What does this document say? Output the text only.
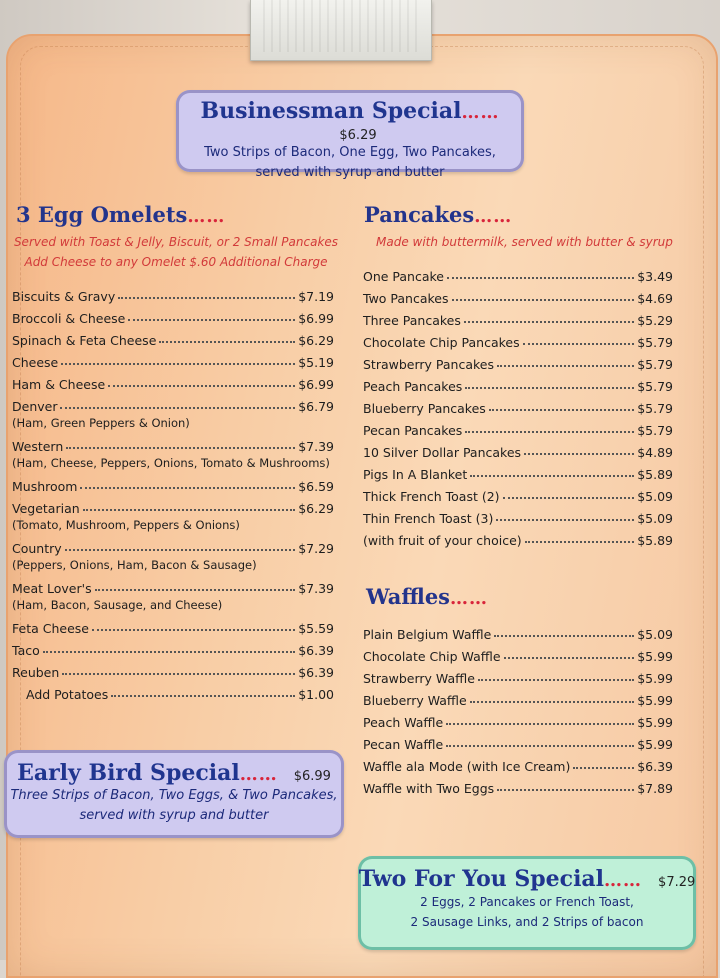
Businessman Special……$6.29
Two Strips of Bacon, One Egg, Two Pancakes,
served with syrup and butter
3 Egg Omelets……
Served with Toast & Jelly, Biscuit, or 2 Small Pancakes
Add Cheese to any Omelet $.60 Additional Charge
Biscuits & Gravy	$7.19
Broccoli & Cheese	$6.99
Spinach & Feta Cheese	$6.29
Cheese	$5.19
Ham & Cheese	$6.99
Denver	$6.79
(Ham, Green Peppers & Onion)
Western	$7.39
(Ham, Cheese, Peppers, Onions, Tomato & Mushrooms)
Mushroom	$6.59
Vegetarian	$6.29
(Tomato, Mushroom, Peppers & Onions)
Country	$7.29
(Peppers, Onions, Ham, Bacon & Sausage)
Meat Lover's	$7.39
(Ham, Bacon, Sausage, and Cheese)
Feta Cheese	$5.59
Taco	$6.39
Reuben	$6.39
Add Potatoes	$1.00
Pancakes……
Made with buttermilk, served with butter & syrup
One Pancake	$3.49
Two Pancakes	$4.69
Three Pancakes	$5.29
Chocolate Chip Pancakes	$5.79
Strawberry Pancakes	$5.79
Peach Pancakes	$5.79
Blueberry Pancakes	$5.79
Pecan Pancakes	$5.79
10 Silver Dollar Pancakes	$4.89
Pigs In A Blanket	$5.89
Thick French Toast (2)	$5.09
Thin French Toast (3)	$5.09
(with fruit of your choice)	$5.89
Waffles……
Plain Belgium Waffle	$5.09
Chocolate Chip Waffle	$5.99
Strawberry Waffle	$5.99
Blueberry Waffle	$5.99
Peach Waffle	$5.99
Pecan Waffle	$5.99
Waffle ala Mode (with Ice Cream)	$6.39
Waffle with Two Eggs	$7.89
Early Bird Special…… $6.99
Three Strips of Bacon, Two Eggs, & Two Pancakes,
served with syrup and butter
Two For You Special…… $7.29
2 Eggs, 2 Pancakes or French Toast,
2 Sausage Links, and 2 Strips of bacon
